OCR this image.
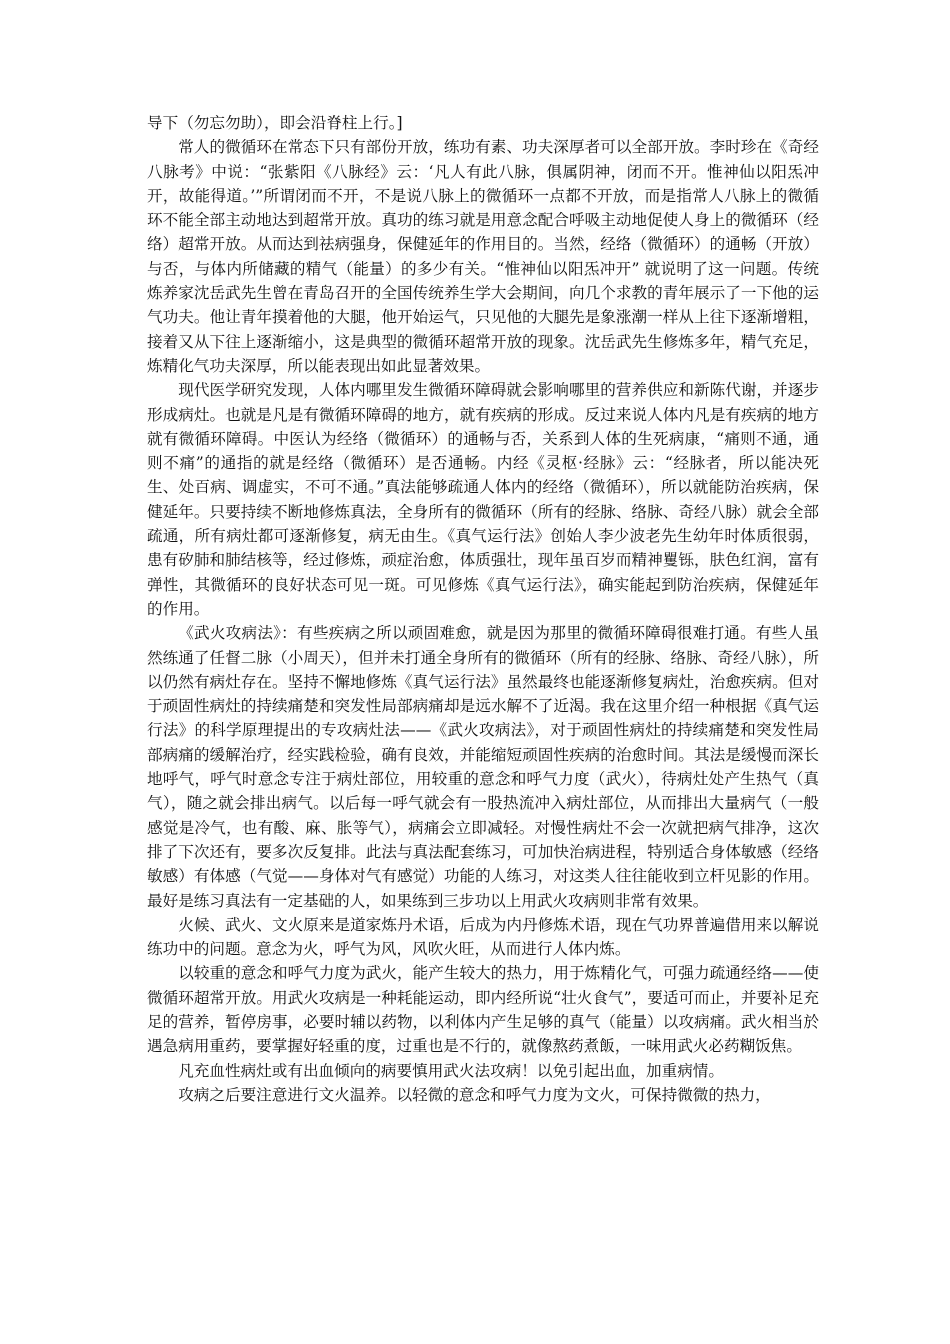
导下（勿忘勿助），即会沿脊柱上行。]

常人的微循环在常态下只有部份开放，练功有素、功夫深厚者可以全部开放。李时珍在《奇经八脉考》中说：“张紫阳《八脉经》云：‘凡人有此八脉，俱属阴神，闭而不开。惟神仙以阳炁冲开，故能得道。’”所谓闭而不开，不是说八脉上的微循环一点都不开放，而是指常人八脉上的微循环不能全部主动地达到超常开放。真功的练习就是用意念配合呼吸主动地促使人身上的微循环（经络）超常开放。从而达到祛病强身，保健延年的作用目的。当然，经络（微循环）的通畅（开放）与否，与体内所储藏的精气（能量）的多少有关。“惟神仙以阳炁冲开” 就说明了这一问题。传统炼养家沈岳武先生曾在青岛召开的全国传统养生学大会期间，向几个求教的青年展示了一下他的运气功夫。他让青年摸着他的大腿，他开始运气，只见他的大腿先是象涨潮一样从上往下逐渐增粗，接着又从下往上逐渐缩小，这是典型的微循环超常开放的现象。沈岳武先生修炼多年，精气充足，炼精化气功夫深厚，所以能表现出如此显著效果。

现代医学研究发现，人体内哪里发生微循环障碍就会影响哪里的营养供应和新陈代谢，并逐步形成病灶。也就是凡是有微循环障碍的地方，就有疾病的形成。反过来说人体内凡是有疾病的地方就有微循环障碍。中医认为经络（微循环）的通畅与否，关系到人体的生死病康，“痛则不通，通则不痛”的通指的就是经络（微循环）是否通畅。内经《灵枢·经脉》云：“经脉者，所以能决死生、处百病、调虚实，不可不通。”真法能够疏通人体内的经络（微循环），所以就能防治疾病，保健延年。只要持续不断地修炼真法，全身所有的微循环（所有的经脉、络脉、奇经八脉）就会全部疏通，所有病灶都可逐渐修复，病无由生。《真气运行法》创始人李少波老先生幼年时体质很弱，患有矽肺和肺结核等，经过修炼，顽症治愈，体质强壮，现年虽百岁而精神矍铄，肤色红润，富有弹性，其微循环的良好状态可见一斑。可见修炼《真气运行法》，确实能起到防治疾病，保健延年的作用。

《武火攻病法》：有些疾病之所以顽固难愈，就是因为那里的微循环障碍很难打通。有些人虽然练通了任督二脉（小周天），但并未打通全身所有的微循环（所有的经脉、络脉、奇经八脉），所以仍然有病灶存在。坚持不懈地修炼《真气运行法》虽然最终也能逐渐修复病灶，治愈疾病。但对于顽固性病灶的持续痛楚和突发性局部病痛却是远水解不了近渴。我在这里介绍一种根据《真气运行法》的科学原理提出的专攻病灶法——《武火攻病法》，对于顽固性病灶的持续痛楚和突发性局部病痛的缓解治疗，经实践检验，确有良效，并能缩短顽固性疾病的治愈时间。其法是缓慢而深长地呼气，呼气时意念专注于病灶部位，用较重的意念和呼气力度（武火），待病灶处产生热气（真气），随之就会排出病气。以后每一呼气就会有一股热流冲入病灶部位，从而排出大量病气（一般感觉是冷气，也有酸、麻、胀等气），病痛会立即减轻。对慢性病灶不会一次就把病气排净，这次排了下次还有，要多次反复排。此法与真法配套练习，可加快治病进程，特别适合身体敏感（经络敏感）有体感（气觉——身体对气有感觉）功能的人练习，对这类人往往能收到立杆见影的作用。最好是练习真法有一定基础的人，如果练到三步功以上用武火攻病则非常有效果。

火候、武火、文火原来是道家炼丹术语，后成为内丹修炼术语，现在气功界普遍借用来以解说练功中的问题。意念为火，呼气为风，风吹火旺，从而进行人体内炼。

以较重的意念和呼气力度为武火，能产生较大的热力，用于炼精化气，可强力疏通经络——使微循环超常开放。用武火攻病是一种耗能运动，即内经所说“壮火食气”，要适可而止，并要补足充足的营养，暂停房事，必要时辅以药物，以利体内产生足够的真气（能量）以攻病痛。武火相当於遇急病用重药，要掌握好轻重的度，过重也是不行的，就像熬药煮飯，一味用武火必药糊饭焦。

凡充血性病灶或有出血倾向的病要慎用武火法攻病！以免引起出血，加重病情。

攻病之后要注意进行文火温养。以轻微的意念和呼气力度为文火，可保持微微的热力，
